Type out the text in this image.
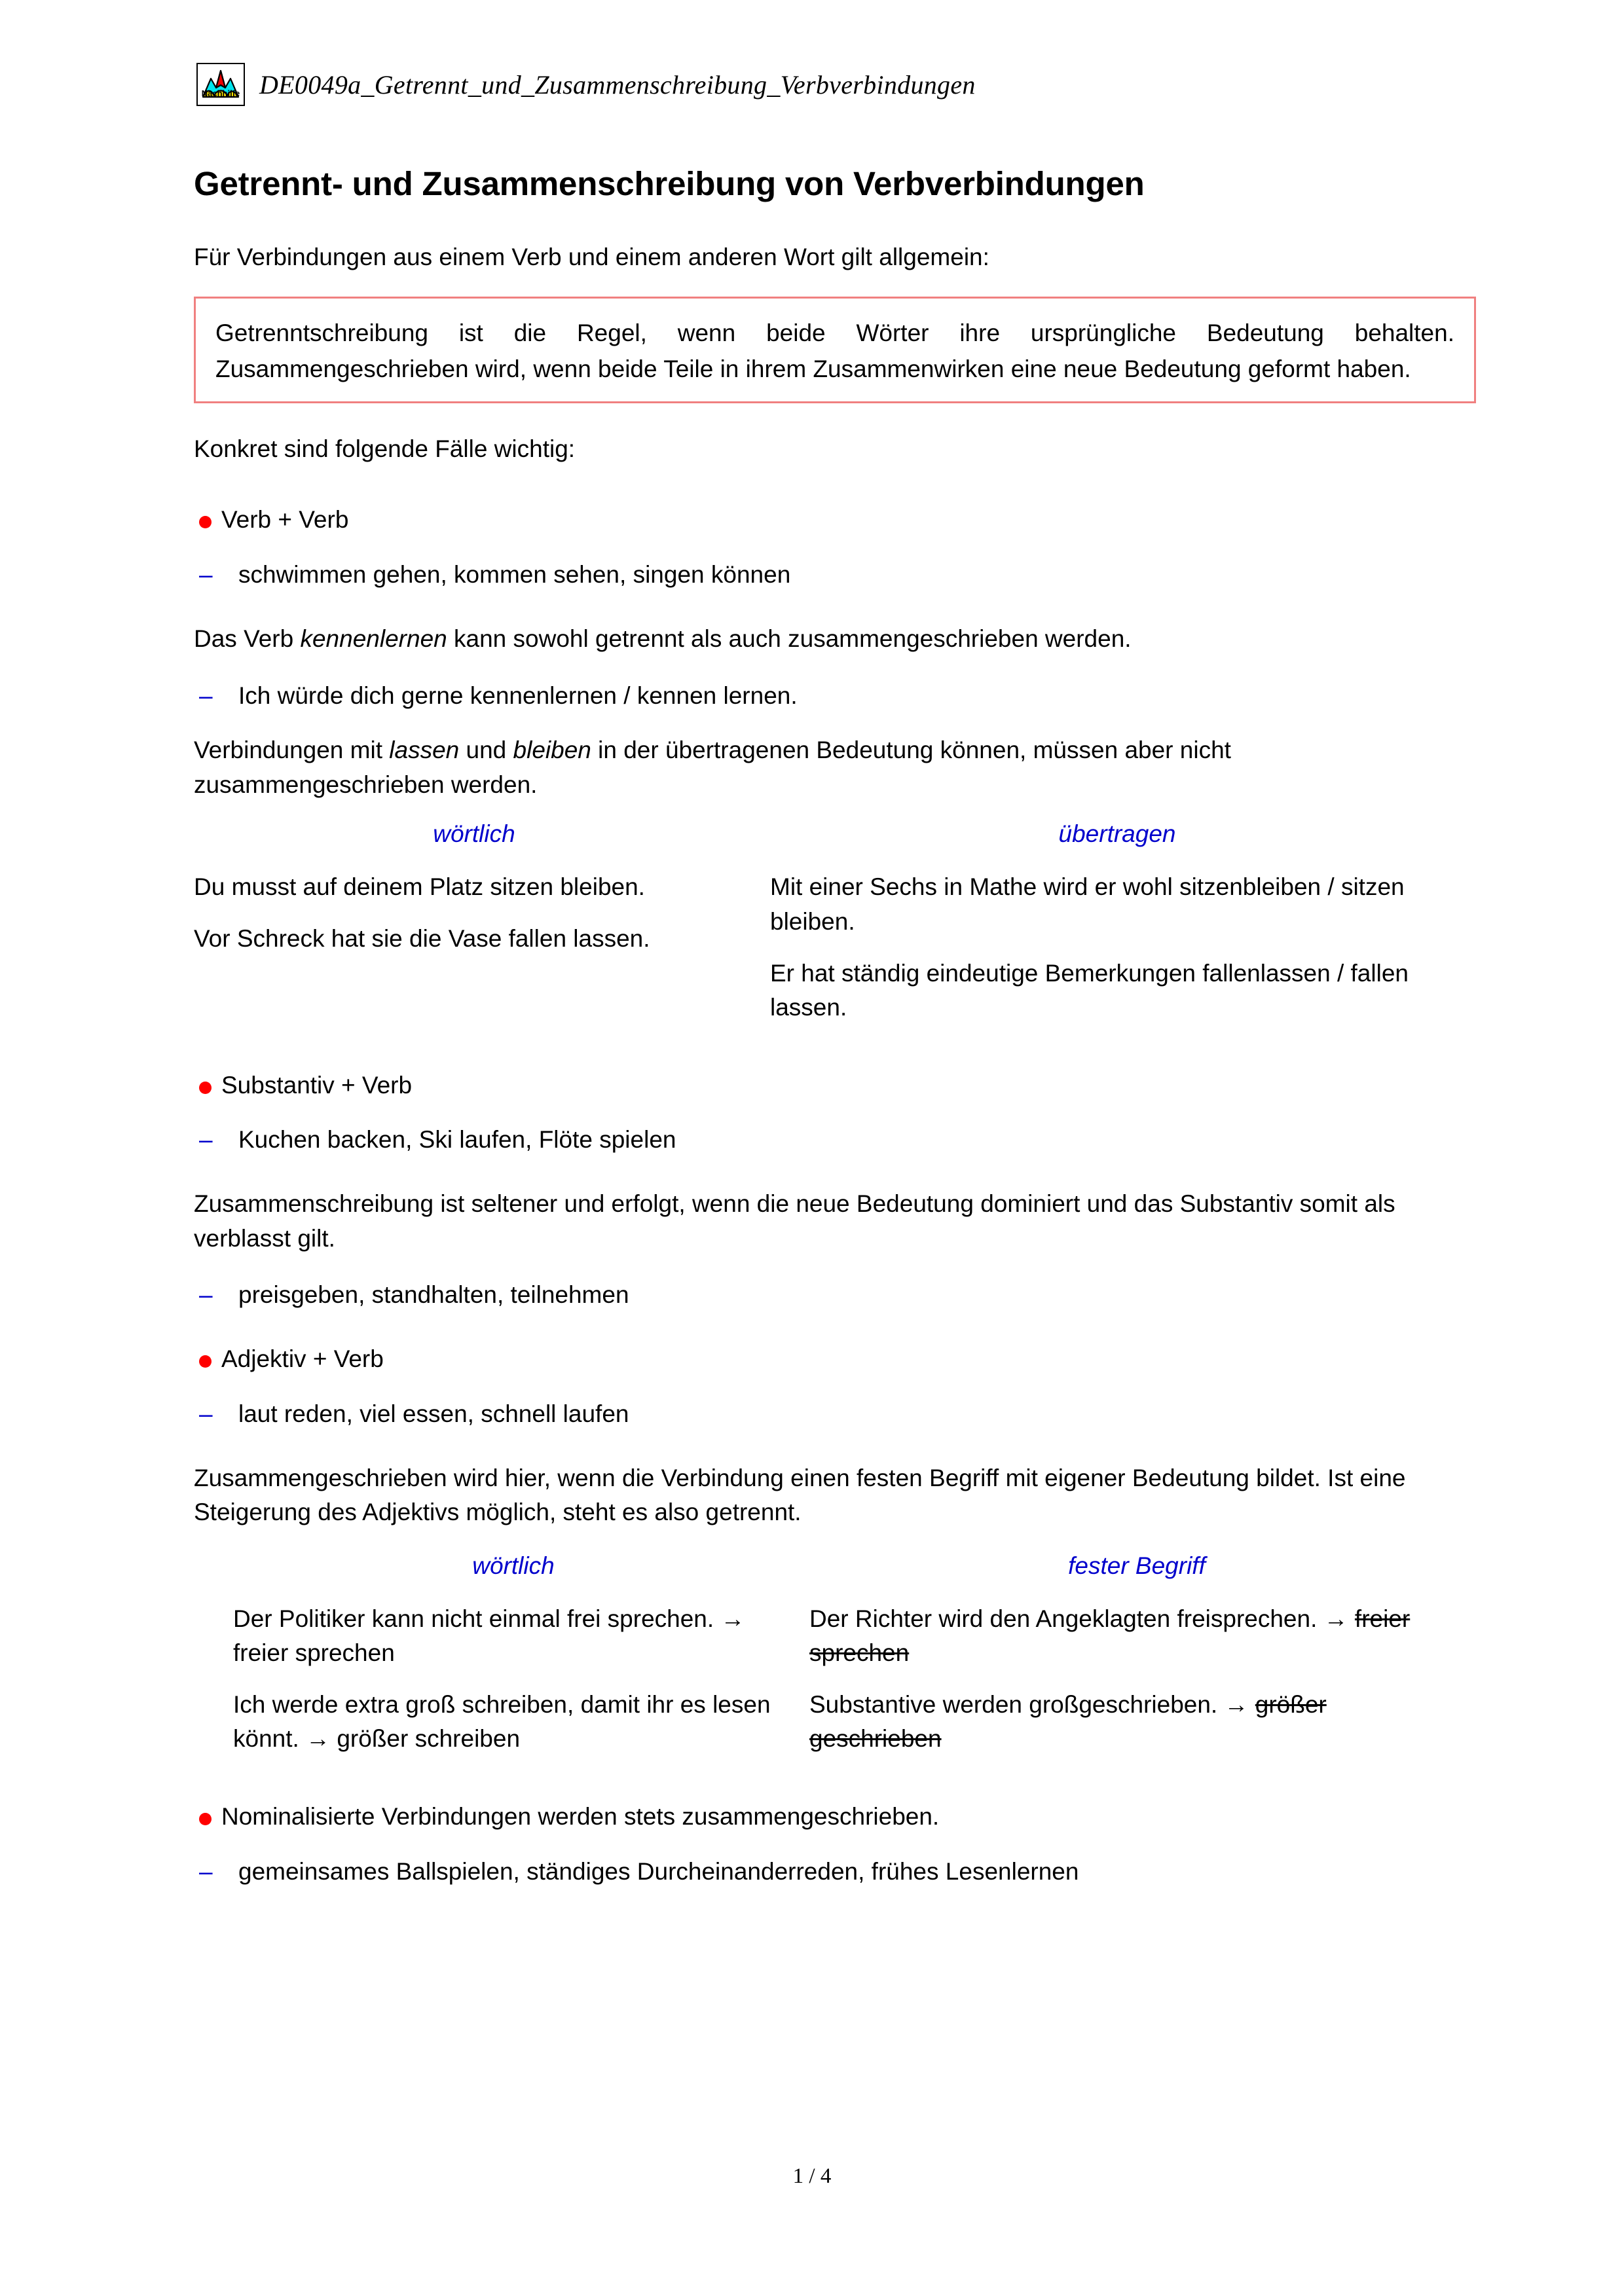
Nachhilfe DE0049a_Getrennt_und_Zusammenschreibung_Verbverbindungen
Getrennt- und Zusammenschreibung von Verbverbindungen

Für Verbindungen aus einem Verb und einem anderen Wort gilt allgemein:

Getrenntschreibung ist die Regel, wenn beide Wörter ihre ursprüngliche Bedeutung behalten. Zusammengeschrieben wird, wenn beide Teile in ihrem Zusammenwirken eine neue Bedeutung geformt haben.

Konkret sind folgende Fälle wichtig:

Verb + Verb
– schwimmen gehen, kommen sehen, singen können

Das Verb kennenlernen kann sowohl getrennt als auch zusammengeschrieben werden.

– Ich würde dich gerne kennenlernen / kennen lernen.

Verbindungen mit lassen und bleiben in der übertragenen Bedeutung können, müssen aber nicht zusammengeschrieben werden.

wörtlich

Du musst auf deinem Platz sitzen bleiben.

Vor Schreck hat sie die Vase fallen lassen.

übertragen

Mit einer Sechs in Mathe wird er wohl sitzenbleiben / sitzen bleiben.

Er hat ständig eindeutige Bemerkungen fallenlassen / fallen lassen.

Substantiv + Verb
– Kuchen backen, Ski laufen, Flöte spielen

Zusammenschreibung ist seltener und erfolgt, wenn die neue Bedeutung dominiert und das Substantiv somit als verblasst gilt.

– preisgeben, standhalten, teilnehmen
Adjektiv + Verb
– laut reden, viel essen, schnell laufen

Zusammengeschrieben wird hier, wenn die Verbindung einen festen Begriff mit eigener Bedeutung bildet. Ist eine Steigerung des Adjektivs möglich, steht es also getrennt.

wörtlich

Der Politiker kann nicht einmal frei sprechen. → freier sprechen

Ich werde extra groß schreiben, damit ihr es lesen könnt. → größer schreiben

fester Begriff

Der Richter wird den Angeklagten freisprechen. → freier sprechen

Substantive werden großgeschrieben. → größer geschrieben

Nominalisierte Verbindungen werden stets zusammengeschrieben.
– gemeinsames Ballspielen, ständiges Durcheinanderreden, frühes Lesenlernen
1 / 4
